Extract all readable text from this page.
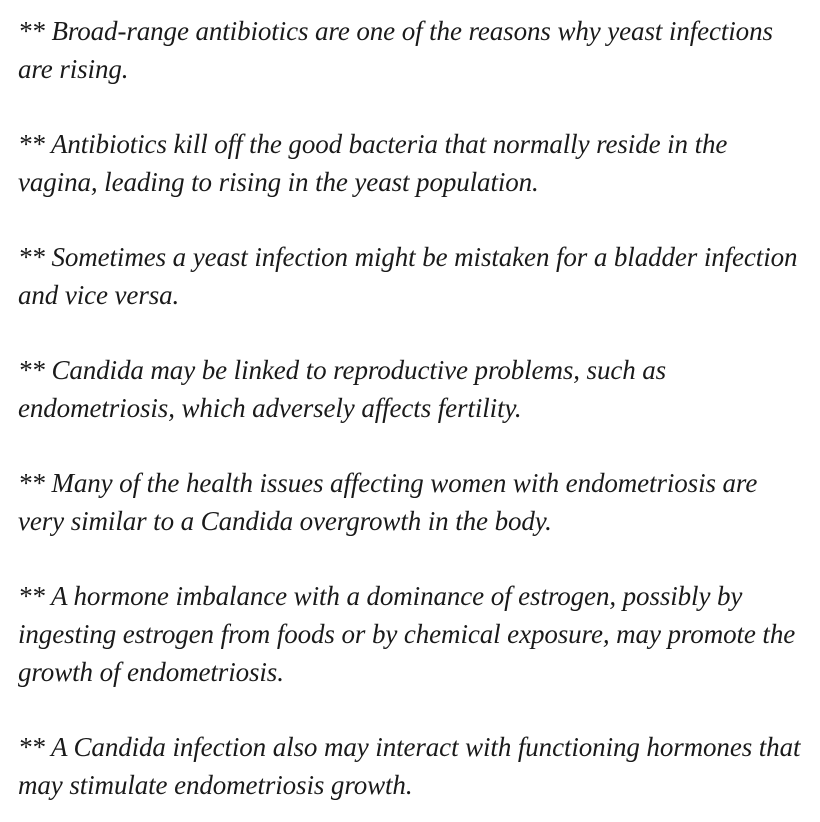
** Broad-range antibiotics are one of the reasons why yeast infections are rising.

** Antibiotics kill off the good bacteria that normally reside in the vagina, leading to rising in the yeast population.

** Sometimes a yeast infection might be mistaken for a bladder infection and vice versa.

** Candida may be linked to reproductive problems, such as endometriosis, which adversely affects fertility.

** Many of the health issues affecting women with endometriosis are very similar to a Candida overgrowth in the body.

** A hormone imbalance with a dominance of estrogen, possibly by ingesting estrogen from foods or by chemical exposure, may promote the growth of endometriosis.

** A Candida infection also may interact with functioning hormones that may stimulate endometriosis growth.
